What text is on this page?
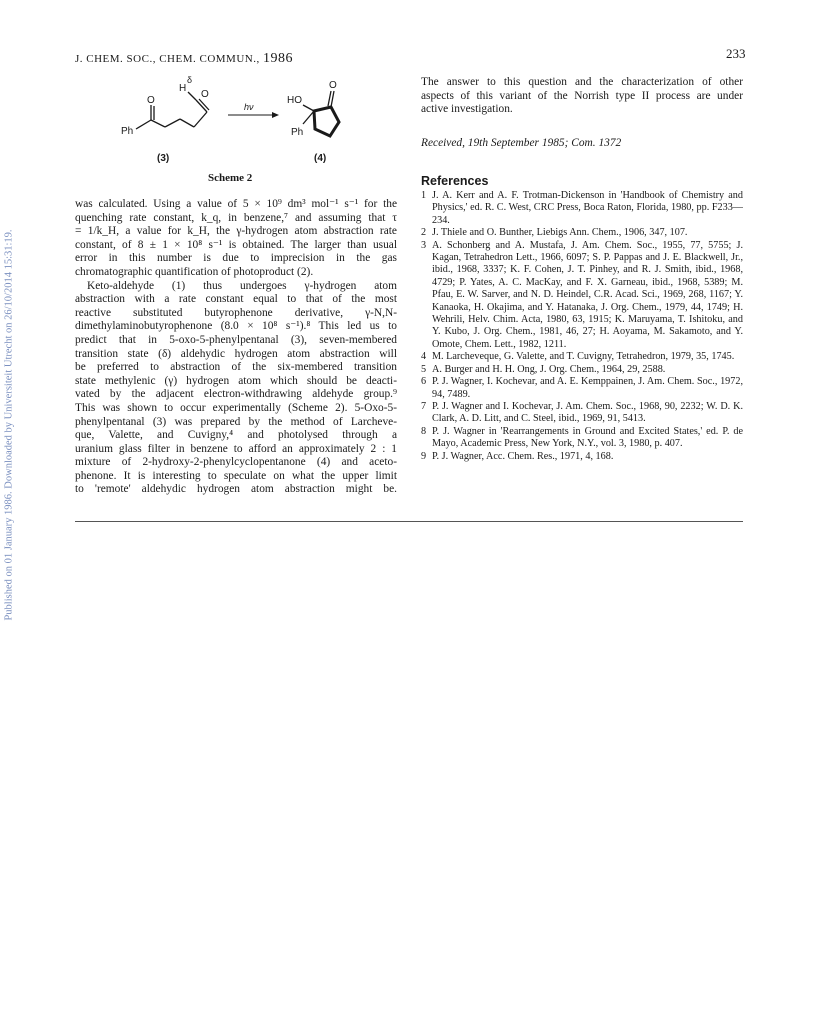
J. CHEM. SOC., CHEM. COMMUN., 1986	233
Published on 01 January 1986. Downloaded by Universiteit Utrecht on 26/10/2014 15:31:19.
Ph
O
O
H
δ
(3)
hν
HO
Ph
O
(4)
Scheme 2

was calculated. Using a value of 5 × 10⁹ dm³ mol⁻¹ s⁻¹ for the

quenching rate constant, k_q, in benzene,⁷ and assuming that τ

= 1/k_H, a value for k_H, the γ-hydrogen atom abstraction rate

constant, of 8 ± 1 × 10⁸ s⁻¹ is obtained. The larger than usual

error in this number is due to imprecision in the gas

chromatographic quantification of photoproduct (2).

Keto-aldehyde (1) thus undergoes γ-hydrogen atom

abstraction with a rate constant equal to that of the most

reactive substituted butyrophenone derivative, γ-N,N-

dimethylaminobutyrophenone (8.0 × 10⁸ s⁻¹).⁸ This led us to

predict that in 5-oxo-5-phenylpentanal (3), seven-membered

transition state (δ) aldehydic hydrogen atom abstraction will

be preferred to abstraction of the six-membered transition

state methylenic (γ) hydrogen atom which should be deacti-

vated by the adjacent electron-withdrawing aldehyde group.⁹

This was shown to occur experimentally (Scheme 2). 5-Oxo-5-

phenylpentanal (3) was prepared by the method of Larcheve-

que, Valette, and Cuvigny,⁴ and photolysed through a

uranium glass filter in benzene to afford an approximately 2 : 1

mixture of 2-hydroxy-2-phenylcyclopentanone (4) and aceto-

phenone. It is interesting to speculate on what the upper limit

to 'remote' aldehydic hydrogen atom abstraction might be.

The answer to this question and the characterization of other

aspects of this variant of the Norrish type II process are under

active investigation.

Received, 19th September 1985; Com. 1372
References
1 J. A. Kerr and A. F. Trotman-Dickenson in 'Handbook of Chemistry and Physics,' ed. R. C. West, CRC Press, Boca Raton, Florida, 1980, pp. F233—234.
2 J. Thiele and O. Bunther, Liebigs Ann. Chem., 1906, 347, 107.
3 A. Schonberg and A. Mustafa, J. Am. Chem. Soc., 1955, 77, 5755; J. Kagan, Tetrahedron Lett., 1966, 6097; S. P. Pappas and J. E. Blackwell, Jr., ibid., 1968, 3337; K. F. Cohen, J. T. Pinhey, and R. J. Smith, ibid., 1968, 4729; P. Yates, A. C. MacKay, and F. X. Garneau, ibid., 1968, 5389; M. Pfau, E. W. Sarver, and N. D. Heindel, C.R. Acad. Sci., 1969, 268, 1167; Y. Kanaoka, H. Okajima, and Y. Hatanaka, J. Org. Chem., 1979, 44, 1749; H. Wehrili, Helv. Chim. Acta, 1980, 63, 1915; K. Maruyama, T. Ishitoku, and Y. Kubo, J. Org. Chem., 1981, 46, 27; H. Aoyama, M. Sakamoto, and Y. Omote, Chem. Lett., 1982, 1211.
4 M. Larcheveque, G. Valette, and T. Cuvigny, Tetrahedron, 1979, 35, 1745.
5 A. Burger and H. H. Ong, J. Org. Chem., 1964, 29, 2588.
6 P. J. Wagner, I. Kochevar, and A. E. Kemppainen, J. Am. Chem. Soc., 1972, 94, 7489.
7 P. J. Wagner and I. Kochevar, J. Am. Chem. Soc., 1968, 90, 2232; W. D. K. Clark, A. D. Litt, and C. Steel, ibid., 1969, 91, 5413.
8 P. J. Wagner in 'Rearrangements in Ground and Excited States,' ed. P. de Mayo, Academic Press, New York, N.Y., vol. 3, 1980, p. 407.
9 P. J. Wagner, Acc. Chem. Res., 1971, 4, 168.
